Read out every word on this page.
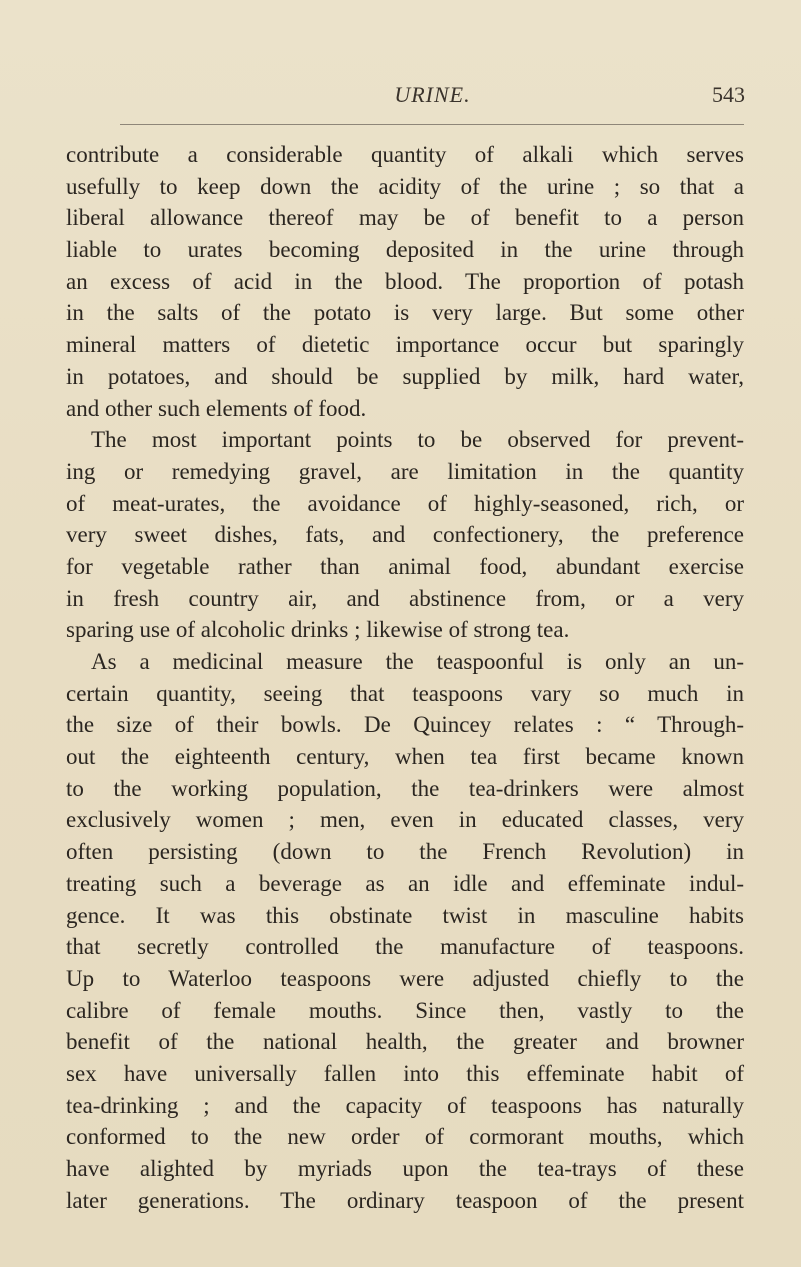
URINE.	543
contribute a considerable quantity of alkali which serves
usefully to keep down the acidity of the urine ; so that a
liberal allowance thereof may be of benefit to a person
liable to urates becoming deposited in the urine through
an excess of acid in the blood. The proportion of potash
in the salts of the potato is very large. But some other
mineral matters of dietetic importance occur but sparingly
in potatoes, and should be supplied by milk, hard water,
and other such elements of food.
The most important points to be observed for prevent-
ing or remedying gravel, are limitation in the quantity
of meat-urates, the avoidance of highly-seasoned, rich, or
very sweet dishes, fats, and confectionery, the preference
for vegetable rather than animal food, abundant exercise
in fresh country air, and abstinence from, or a very
sparing use of alcoholic drinks ; likewise of strong tea.
As a medicinal measure the teaspoonful is only an un-
certain quantity, seeing that teaspoons vary so much in
the size of their bowls. De Quincey relates : “ Through-
out the eighteenth century, when tea first became known
to the working population, the tea-drinkers were almost
exclusively women ; men, even in educated classes, very
often persisting (down to the French Revolution) in
treating such a beverage as an idle and effeminate indul-
gence. It was this obstinate twist in masculine habits
that secretly controlled the manufacture of teaspoons.
Up to Waterloo teaspoons were adjusted chiefly to the
calibre of female mouths. Since then, vastly to the
benefit of the national health, the greater and browner
sex have universally fallen into this effeminate habit of
tea-drinking ; and the capacity of teaspoons has naturally
conformed to the new order of cormorant mouths, which
have alighted by myriads upon the tea-trays of these
later generations. The ordinary teaspoon of the present
